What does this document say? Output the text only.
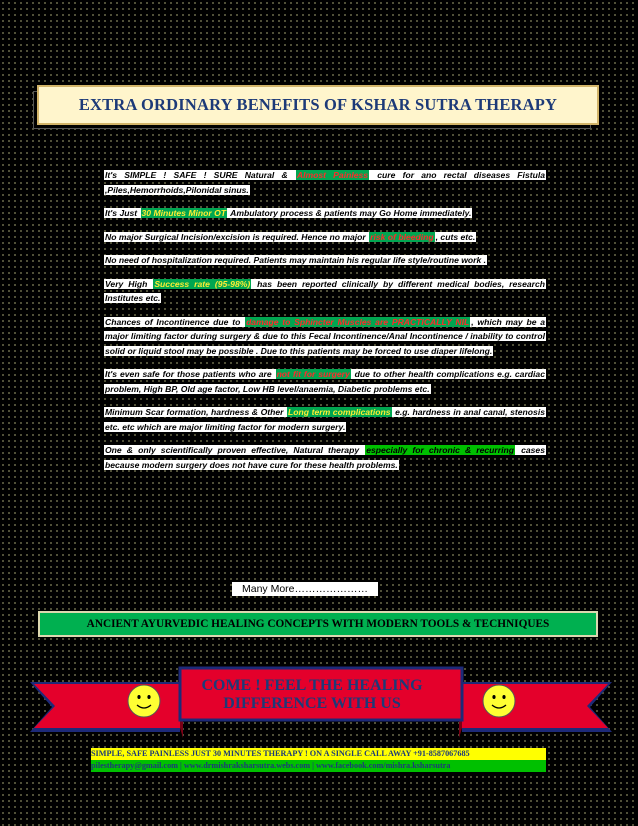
EXTRA ORDINARY BENEFITS OF KSHAR SUTRA THERAPY
It's SIMPLE ! SAFE ! SURE Natural & Almost Painless cure for ano rectal diseases Fistula ,Piles,Hemorrhoids,Pilonidal sinus.
It's Just 30 Minutes Minor OT Ambulatory process & patients may Go Home immediately.
No major Surgical Incision/excision is required. Hence no major risk of bleeding , cuts etc.
No need of hospitalization required. Patients may maintain his regular life style/routine work .
Very High Success rate (95-98%) has been reported clinically by different medical bodies, research Institutes etc.
Chances of Incontinence due to damage to Sphincter Muscles are PRACTICALLY NIL , which may be a major limiting factor during surgery & due to this Fecal Incontinence/Anal Incontinence / inability to control solid or liquid stool may be possible . Due to this patients may be forced to use diaper lifelong.
It's even safe for those patients who are not fit for surgery due to other health complications e.g. cardiac problem, High BP, Old age factor, Low HB level/anaemia, Diabetic problems etc.
Minimum Scar formation, hardness & Other Long term complications e.g. hardness in anal canal, stenosis etc. etc which are major limiting factor for modern surgery.
One & only scientifically proven effective, Natural therapy especially for chronic & recurring cases because modern surgery does not have cure for these health problems.
Many More…………………
ANCIENT AYURVEDIC HEALING CONCEPTS WITH MODERN TOOLS & TECHNIQUES
COME ! FEEL THE HEALING
DIFFERENCE WITH US
SIMPLE, SAFE PAINLESS JUST 30 MINUTES THERAPY ! ON A SINGLE CALL AWAY +91-8587067685
pilestherapy@gmail.com | www.drmishraksharsutra.webs.com | www.facebook.com/mishra.ksharsutra
